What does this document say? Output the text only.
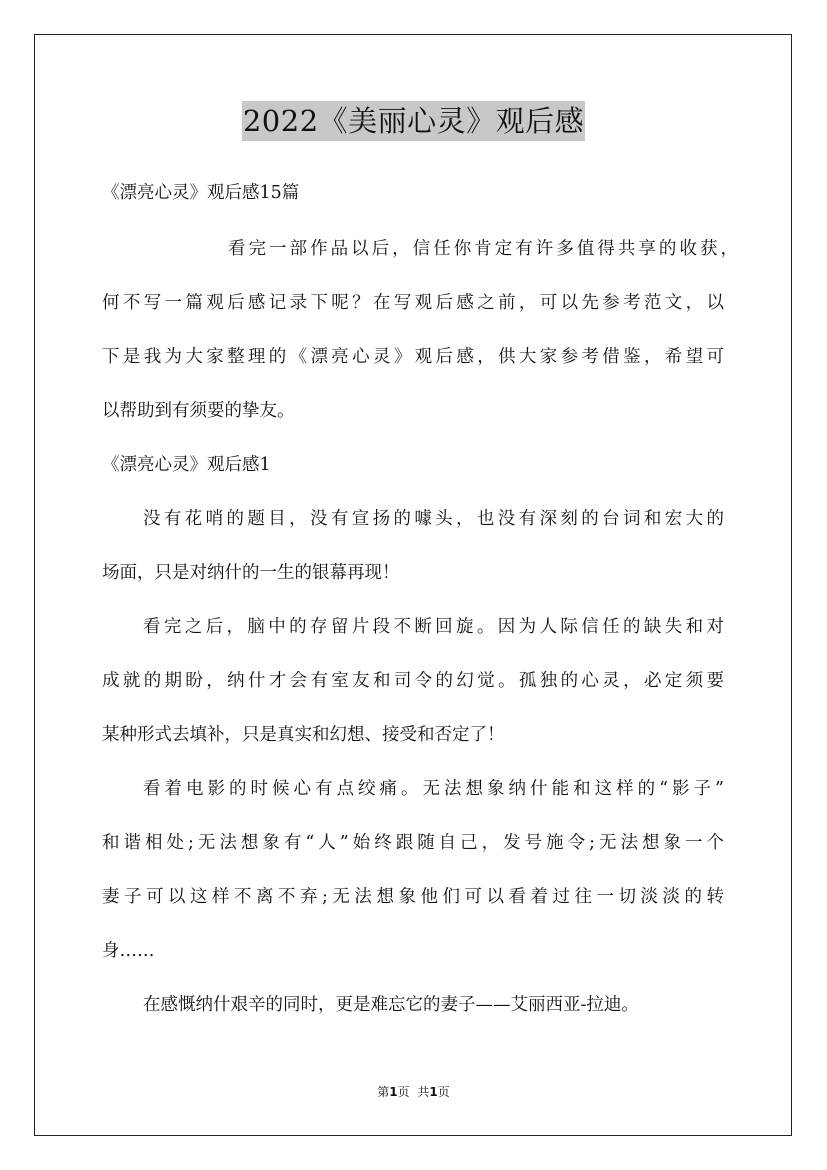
2022《美丽心灵》观后感
《漂亮心灵》观后感15篇
看完一部作品以后，信任你肯定有许多值得共享的收获，
何不写一篇观后感记录下呢？在写观后感之前，可以先参考范文，以
下是我为大家整理的《漂亮心灵》观后感，供大家参考借鉴，希望可
以帮助到有须要的挚友。
《漂亮心灵》观后感1
没有花哨的题目，没有宣扬的噱头，也没有深刻的台词和宏大的
场面，只是对纳什的一生的银幕再现！
看完之后，脑中的存留片段不断回旋。因为人际信任的缺失和对
成就的期盼，纳什才会有室友和司令的幻觉。孤独的心灵，必定须要
某种形式去填补，只是真实和幻想、接受和否定了！
看着电影的时候心有点绞痛。无法想象纳什能和这样的“影子”
和谐相处;无法想象有“人”始终跟随自己，发号施令;无法想象一个
妻子可以这样不离不弃;无法想象他们可以看着过往一切淡淡的转
身……
在感慨纳什艰辛的同时，更是难忘它的妻子——艾丽西亚-拉迪。
第1页 共1页
